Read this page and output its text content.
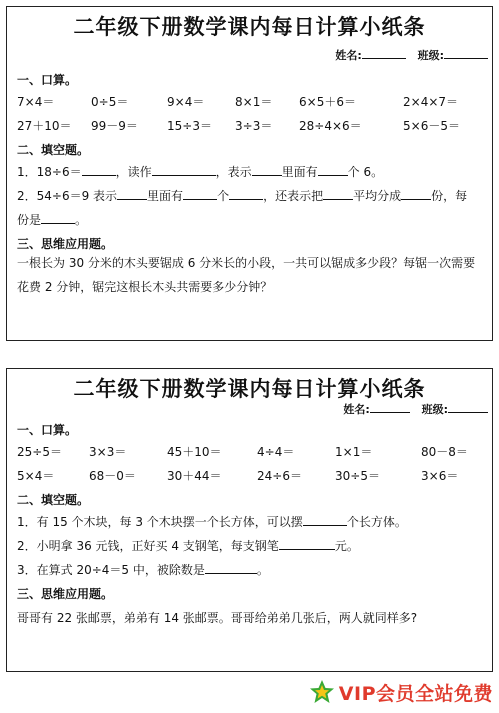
二年级下册数学课内每日计算小纸条
姓名:	班级:
一、口算。
7×4＝	0÷5＝	9×4＝	8×1＝ 6×5＋6＝	2×4×7＝
27＋10＝ 99－9＝ 15÷3＝ 3÷3＝ 28÷4×6＝	5×6－5＝
二、填空题。
1．18÷6＝	，读作	，表示	里面有	个 6。
2．54÷6＝9 表示	里面有	个	，还表示把	平均分成	份，每
份是	。
三、思维应用题。
一根长为 30 分米的木头要锯成 6 分米长的小段，一共可以锯成多少段？每锯一次需要花费 2 分钟，锯完这根长木头共需要多少分钟？
二年级下册数学课内每日计算小纸条
姓名:	班级:
一、口算。
25÷5＝ 3×3＝	45＋10＝	4÷4＝	1×1＝	80－8＝
5×4＝	68－0＝	30＋44＝	24÷6＝	30÷5＝	3×6＝
二、填空题。
1．有 15 个木块，每 3 个木块摆一个长方体，可以摆	个长方体。
2．小明拿 36 元钱，正好买 4 支钢笔，每支钢笔	元。
3．在算式 20÷4＝5 中，被除数是	。
三、思维应用题。
哥哥有 22 张邮票，弟弟有 14 张邮票。哥哥给弟弟几张后，两人就同样多?
VIP会员全站免费
